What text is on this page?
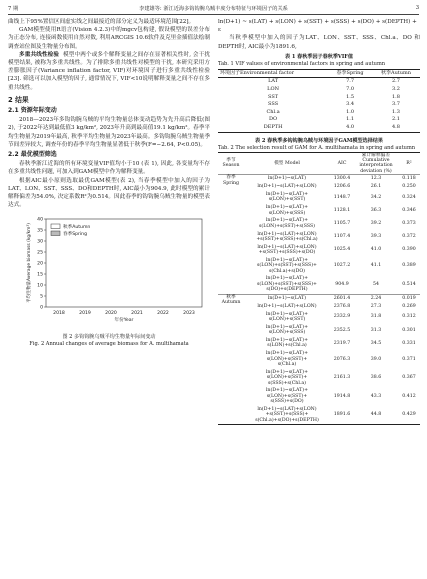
7 期	李建雄等: 浙江近海多钩钩腕乌贼丰度分布特征与环境因子的关系	3

曲线上下95%置信区间虚实线之间最接近的部分定义为最适环境范围[22]。

GAM模型使用R语言(Vision 4.2.3)中的mgcv包构建, 假设模型的误差分布为正态分布, 连接函数使用自然对数, 利用ARCGIS 10.6软件及克里金插值法绘制调查站位图及生物量分布图。

多重共线性检验 模型中两个或多个解释变量之间存在显著相关性时, 会干扰模型结果, 被称为多重共线性。为了排除多重共线性对模型的干扰, 本研究采用方差膨胀因子(Variance inflation factor, VIF)对环境因子进行多重共线性检验[23]. 筛选可以加入模型的因子, 通常情况下, VIF<10说明解释变量之间不存在多重共线性。

2 结果
2.1 资源年际变动

2018—2023年多钩钩腕乌贼的平均生物量总体变动趋势为先升高后降低(图 2), 于2022年达到最低值3 kg/km², 2023年升高到最高值19.1 kg/km²。春季平均生物量为2019年最高, 秋季平均生物量为2023年最高。多钩钩腕乌贼生物量季节间差异较大, 调查年份的春季平均生物量显著低于秋季(F=−2.64, P<0.05)。

2.2 最优模型筛选

春秋季浙江近海的所有环境变量VIF值均小于10 (表 1), 因此, 各变量均不存在多重共线性问题, 可加入到GAM模型中作为解释变量。

根据AIC最小原则选取最优GAM模型(表 2), 当春季模型中加入的因子为LAT、LON、SST、SSS、DO和DEPTH时, AIC最小为904.9, 此时模型的累计解释偏差为54.0%, 决定系数R²为0.514。因此春季的钩钩腕乌贼生物量的模型表达式。

0
5
10
15
20
25
30
35
40
平均生物量Average biomass (kg/km²)
2018	2019	2020	2021	2022	2023
年份Year
秋季Autumn
春季Spring
图 2 多钩钩腕乌贼平均生物量年际间变动
Fig. 2 Annual changes of average biomass for A. multihamata
ln(D+1) ~ s(LAT) + s(LON) + s(SST) + s(SSS) + s(DO) + s(DEPTH) + ε

当秋季模型中加入的因子为LAT、LON、SST、SSS、Chl.a、DO 和 DEPTH时, AIC最小为1891.6,

表 1 春秋季因子春秋季VIF值
Tab. 1 VIF values of environmental factors in spring and autumn
环境因子Environmental factor	春季Spring	秋季Autumn
LAT	7.7	2.7
LON	7.0	3.2
SST	1.5	1.8
SSS	3.4	3.7
Chl.a	1.0	1.3
DO	1.1	2.1
DEPTH	4.0	4.8
表 2 春秋季多钩钩腕乌贼与环境因子GAM模型选择结果
Tab. 2 The selection result of GAM for A. multihamata in spring and autumn
季节 Season	模型 Model	AIC	累计解释偏差 Cumulative interpretation deviation (%)	R²
春季 Spring	ln(D+1)~s(LAT)	1300.4	12.3	0.118
	ln(D+1)~s(LAT)+s(LON)	1206.6	26.1	0.250
	ln(D+1)~s(LAT)+
s(LON)+s(SST)	1148.7	34.2	0.324
	ln(D+1)~s(LAT)+
s(LON)+s(SSS)	1128.1	36.3	0.346
	ln(D+1)~s(LAT)+
s(LON)+s(SST)+s(SSS)	1105.7	39.2	0.373
	ln(D+1)~s(LAT)+s(LON)
+s(SST)+s(SSS)+s(Chl.a)	1107.4	39.3	0.372
	ln(D+1)~s(LAT)+s(LON)
+s(SST)+s(SSS)+s(DO)	1025.4	41.0	0.390
	ln(D+1)~s(LAT)+
s(LON)+s(SST)+s(SSS)+
s(Chl.a)+s(DO)	1027.2	41.1	0.389
	ln(D+1)~s(LAT)+
s(LON)+s(SST)+s(SSS)+
s(DO)+s(DEPTH)	904.9	54	0.514
秋季 Autumn	ln(D+1)~s(LAT)	2601.4	2.24	0.019
	ln(D+1)~s(LAT)+s(LON)	2376.8	27.3	0.269
	ln(D+1)~s(LAT)+
s(LON)+s(SST)	2332.9	31.8	0.312
	ln(D+1)~s(LAT)+
s(LON)+s(SSS)	2352.5	31.3	0.301
	ln(D+1)~s(LAT)+
s(LON)+s(Chl.a)	2319.7	34.5	0.331
	ln(D+1)~s(LAT)+
s(LON)+s(SST)+
s(Chl.a)	2076.3	39.0	0.371
	ln(D+1)~s(LAT)+
s(LON)+s(SST)+
s(SSS)+s(Chl.a)	2161.3	38.6	0.367
	ln(D+1)~s(LAT)+
s(LON)+s(SST)+
s(SSS)+s(DO)	1914.8	43.3	0.412
	ln(D+1)~s(LAT)+s(LON)
+s(SST)+s(SSS)+
s(Chl.a)+s(DO)+s(DEPTH)	1891.6	44.8	0.429
